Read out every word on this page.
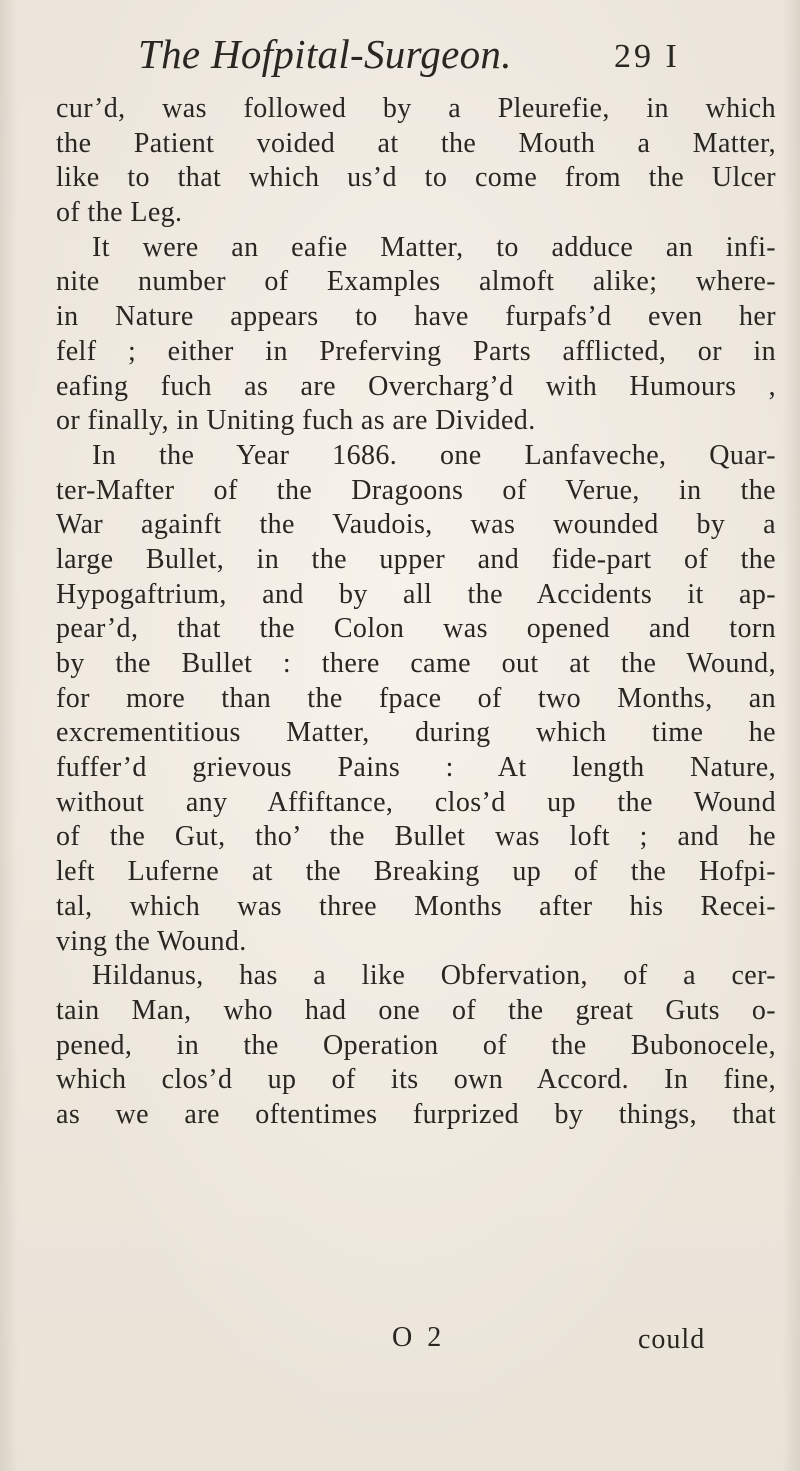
The Hofpital-Surgeon.	29 I
cur’d, was followed by a Pleurefie, in which
the Patient voided at the Mouth a Matter,
like to that which us’d to come from the Ulcer
of the Leg.
It were an eafie Matter, to adduce an infi-
nite number of Examples almoft alike; where-
in Nature appears to have furpafs’d even her
felf ; either in Preferving Parts afflicted, or in
eafing fuch as are Overcharg’d with Humours ,
or finally, in Uniting fuch as are Divided.
In the Year 1686. one Lanfaveche, Quar-
ter-Mafter of the Dragoons of Verue, in the
War againft the Vaudois, was wounded by a
large Bullet, in the upper and fide-part of the
Hypogaftrium, and by all the Accidents it ap-
pear’d, that the Colon was opened and torn
by the Bullet : there came out at the Wound,
for more than the fpace of two Months, an
excrementitious Matter, during which time he
fuffer’d grievous Pains : At length Nature,
without any Affiftance, clos’d up the Wound
of the Gut, tho’ the Bullet was loft ; and he
left Luferne at the Breaking up of the Hofpi-
tal, which was three Months after his Recei-
ving the Wound.
Hildanus, has a like Obfervation, of a cer-
tain Man, who had one of the great Guts o-
pened, in the Operation of the Bubonocele,
which clos’d up of its own Accord. In fine,
as we are oftentimes furprized by things, that
O 2	could
